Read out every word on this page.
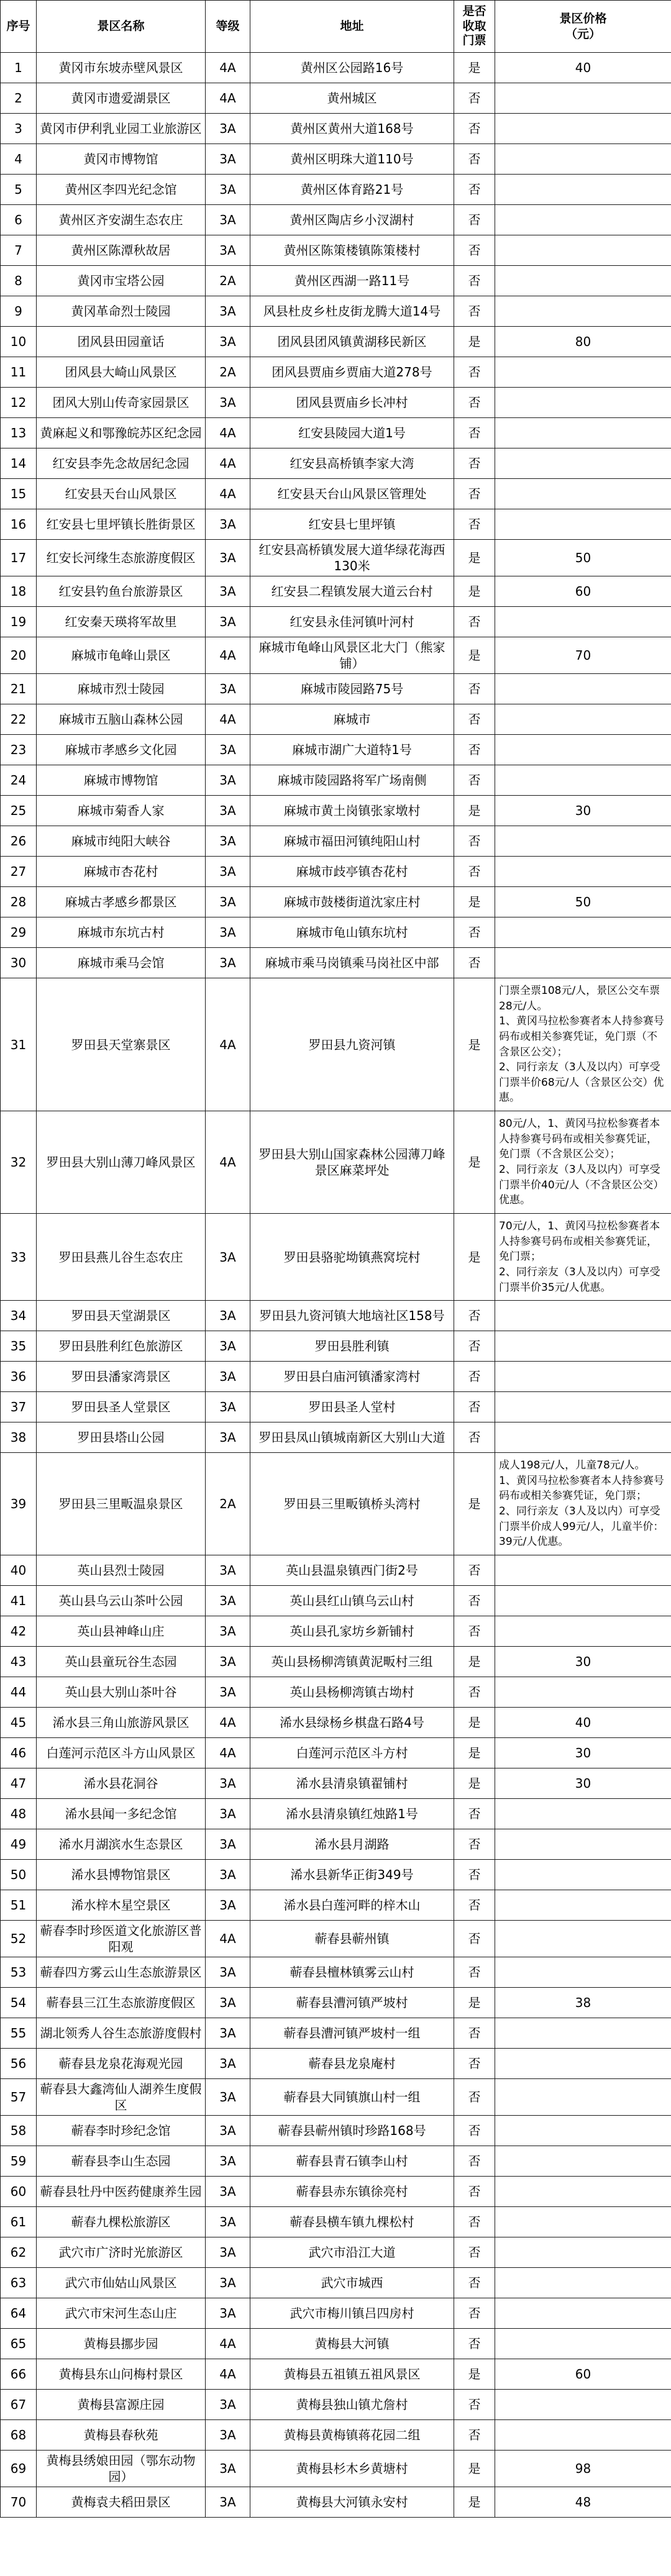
序号	景区名称	等级	地址	是否收取门票	景区价格（元）
1	黄冈市东坡赤壁风景区	4A	黄州区公园路16号	是	40
2	黄冈市遗爱湖景区	4A	黄州城区	否	
3	黄冈市伊利乳业园工业旅游区	3A	黄州区黄州大道168号	否	
4	黄冈市博物馆	3A	黄州区明珠大道110号	否	
5	黄州区李四光纪念馆	3A	黄州区体育路21号	否	
6	黄州区齐安湖生态农庄	3A	黄州区陶店乡小汊湖村	否	
7	黄州区陈潭秋故居	3A	黄州区陈策楼镇陈策楼村	否	
8	黄冈市宝塔公园	2A	黄州区西湖一路11号	否	
9	黄冈革命烈士陵园	3A	风县杜皮乡杜皮街龙腾大道14号	否	
10	团风县田园童话	3A	团风县团风镇黄湖移民新区	是	80
11	团风县大崎山风景区	2A	团风县贾庙乡贾庙大道278号	否	
12	团风大别山传奇家园景区	3A	团风县贾庙乡长冲村	否	
13	黄麻起义和鄂豫皖苏区纪念园	4A	红安县陵园大道1号	否	
14	红安县李先念故居纪念园	4A	红安县高桥镇李家大湾	否	
15	红安县天台山风景区	4A	红安县天台山风景区管理处	否	
16	红安县七里坪镇长胜街景区	3A	红安县七里坪镇	否	
17	红安长河缘生态旅游度假区	3A	红安县高桥镇发展大道华绿花海西130米	是	50
18	红安县钓鱼台旅游景区	3A	红安县二程镇发展大道云台村	是	60
19	红安秦天瑛将军故里	3A	红安县永佳河镇叶河村	否	
20	麻城市龟峰山景区	4A	麻城市龟峰山风景区北大门（熊家铺）	是	70
21	麻城市烈士陵园	3A	麻城市陵园路75号	否	
22	麻城市五脑山森林公园	4A	麻城市	否	
23	麻城市孝感乡文化园	3A	麻城市湖广大道特1号	否	
24	麻城市博物馆	3A	麻城市陵园路将军广场南侧	否	
25	麻城市菊香人家	3A	麻城市黄土岗镇张家墩村	是	30
26	麻城市纯阳大峡谷	3A	麻城市福田河镇纯阳山村	否	
27	麻城市杏花村	3A	麻城市歧亭镇杏花村	否	
28	麻城古孝感乡都景区	3A	麻城市鼓楼街道沈家庄村	是	50
29	麻城市东坑古村	3A	麻城市龟山镇东坑村	否	
30	麻城市乘马会馆	3A	麻城市乘马岗镇乘马岗社区中部	否	
31	罗田县天堂寨景区	4A	罗田县九资河镇	是	门票全票108元/人，景区公交车票28元/人。
1、黄冈马拉松参赛者本人持参赛号码布或相关参赛凭证，免门票（不含景区公交）；
2、同行亲友（3人及以内）可享受门票半价68元/人（含景区公交）优惠。
32	罗田县大别山薄刀峰风景区	4A	罗田县大别山国家森林公园薄刀峰景区麻菜坪处	是	80元/人，1、黄冈马拉松参赛者本人持参赛号码布或相关参赛凭证，免门票（不含景区公交）；
2、同行亲友（3人及以内）可享受门票半价40元/人（不含景区公交）优惠。
33	罗田县燕儿谷生态农庄	3A	罗田县骆驼坳镇燕窝垸村	是	70元/人，1、黄冈马拉松参赛者本人持参赛号码布或相关参赛凭证，免门票；
2、同行亲友（3人及以内）可享受门票半价35元/人优惠。
34	罗田县天堂湖景区	3A	罗田县九资河镇大地垴社区158号	否	
35	罗田县胜利红色旅游区	3A	罗田县胜利镇	否	
36	罗田县潘家湾景区	3A	罗田县白庙河镇潘家湾村	否	
37	罗田县圣人堂景区	3A	罗田县圣人堂村	否	
38	罗田县塔山公园	3A	罗田县凤山镇城南新区大别山大道	否	
39	罗田县三里畈温泉景区	2A	罗田县三里畈镇桥头湾村	是	成人198元/人，儿童78元/人。
1、黄冈马拉松参赛者本人持参赛号码布或相关参赛凭证，免门票；
2、同行亲友（3人及以内）可享受门票半价成人99元/人，儿童半价：39元/人优惠。
40	英山县烈士陵园	3A	英山县温泉镇西门街2号	否	
41	英山县乌云山茶叶公园	3A	英山县红山镇乌云山村	否	
42	英山县神峰山庄	3A	英山县孔家坊乡新铺村	否	
43	英山县童玩谷生态园	3A	英山县杨柳湾镇黄泥畈村三组	是	30
44	英山县大别山茶叶谷	3A	英山县杨柳湾镇古坳村	否	
45	浠水县三角山旅游风景区	4A	浠水县绿杨乡棋盘石路4号	是	40
46	白莲河示范区斗方山风景区	4A	白莲河示范区斗方村	是	30
47	浠水县花洞谷	3A	浠水县清泉镇翟铺村	是	30
48	浠水县闻一多纪念馆	3A	浠水县清泉镇红烛路1号	否	
49	浠水月湖滨水生态景区	3A	浠水县月湖路	否	
50	浠水县博物馆景区	3A	浠水县新华正街349号	否	
51	浠水梓木星空景区	3A	浠水县白莲河畔的梓木山	否	
52	蕲春李时珍医道文化旅游区普阳观	4A	蕲春县蕲州镇	否	
53	蕲春四方雾云山生态旅游景区	3A	蕲春县檀林镇雾云山村	否	
54	蕲春县三江生态旅游度假区	3A	蕲春县漕河镇严坡村	是	38
55	湖北领秀人谷生态旅游度假村	3A	蕲春县漕河镇严坡村一组	否	
56	蕲春县龙泉花海观光园	3A	蕲春县龙泉庵村	否	
57	蕲春县大鑫湾仙人湖养生度假区	3A	蕲春县大同镇旗山村一组	否	
58	蕲春李时珍纪念馆	3A	蕲春县蕲州镇时珍路168号	否	
59	蕲春县李山生态园	3A	蕲春县青石镇李山村	否	
60	蕲春县牡丹中医药健康养生园	3A	蕲春县赤东镇徐亮村	否	
61	蕲春九棵松旅游区	3A	蕲春县横车镇九棵松村	否	
62	武穴市广济时光旅游区	3A	武穴市沿江大道	否	
63	武穴市仙姑山风景区	3A	武穴市城西	否	
64	武穴市宋河生态山庄	3A	武穴市梅川镇吕四房村	否	
65	黄梅县挪步园	4A	黄梅县大河镇	否	
66	黄梅县东山问梅村景区	4A	黄梅县五祖镇五祖风景区	是	60
67	黄梅县富源庄园	3A	黄梅县独山镇尤詹村	否	
68	黄梅县春秋苑	3A	黄梅县黄梅镇蒋花园二组	否	
69	黄梅县绣娘田园（鄂东动物园）	3A	黄梅县杉木乡黄塘村	是	98
70	黄梅袁夫稻田景区	3A	黄梅县大河镇永安村	是	48
